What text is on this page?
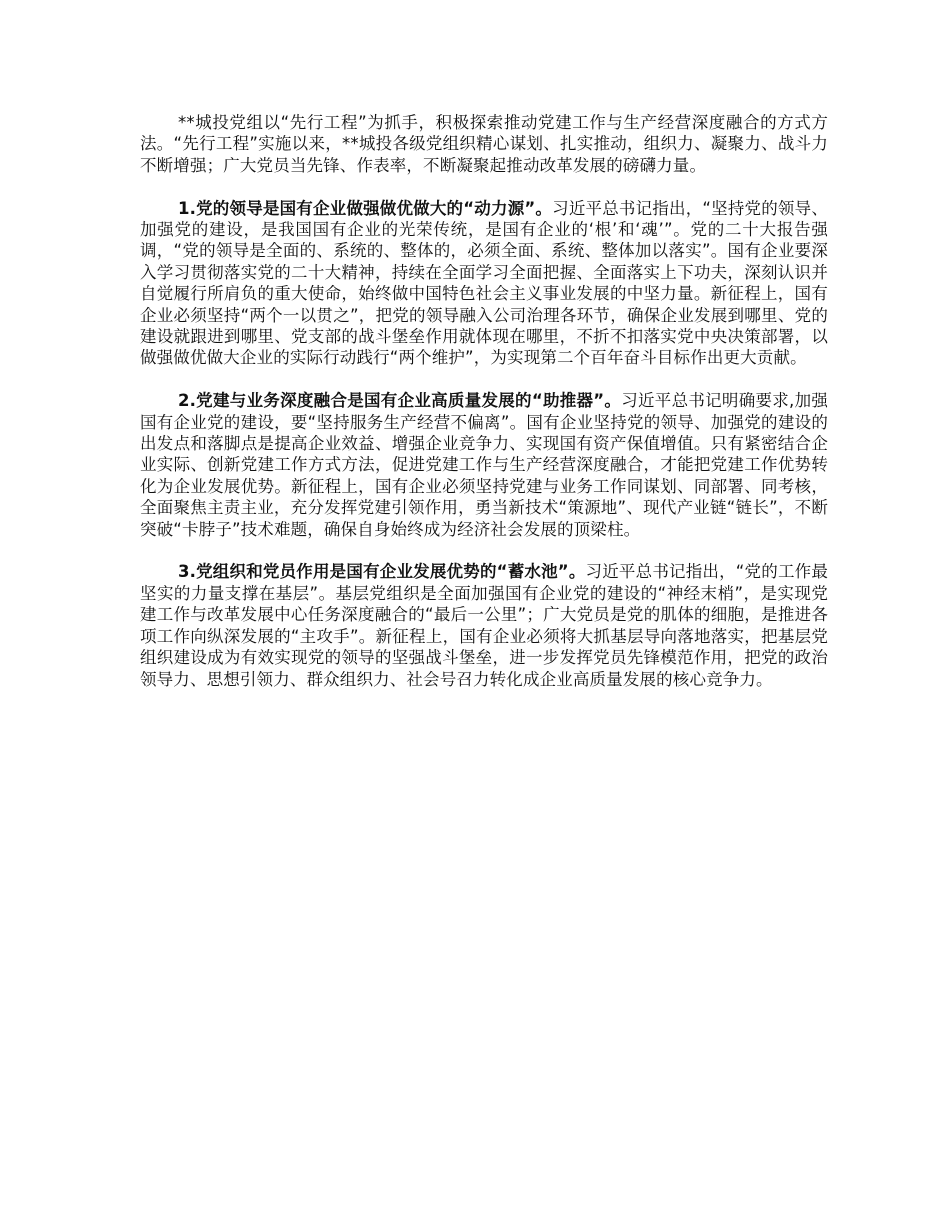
**城投党组以“先行工程”为抓手，积极探索推动党建工作与生产经营深度融合的方式方法。“先行工程”实施以来，**城投各级党组织精心谋划、扎实推动，组织力、凝聚力、战斗力不断增强；广大党员当先锋、作表率，不断凝聚起推动改革发展的磅礴力量。

1.党的领导是国有企业做强做优做大的“动力源”。习近平总书记指出，“坚持党的领导、加强党的建设，是我国国有企业的光荣传统，是国有企业的‘根’和‘魂’”。党的二十大报告强调，“党的领导是全面的、系统的、整体的，必须全面、系统、整体加以落实”。国有企业要深入学习贯彻落实党的二十大精神，持续在全面学习全面把握、全面落实上下功夫，深刻认识并自觉履行所肩负的重大使命，始终做中国特色社会主义事业发展的中坚力量。新征程上，国有企业必须坚持“两个一以贯之”，把党的领导融入公司治理各环节，确保企业发展到哪里、党的建设就跟进到哪里、党支部的战斗堡垒作用就体现在哪里，不折不扣落实党中央决策部署，以做强做优做大企业的实际行动践行“两个维护”，为实现第二个百年奋斗目标作出更大贡献。

2.党建与业务深度融合是国有企业高质量发展的“助推器”。习近平总书记明确要求,加强国有企业党的建设，要“坚持服务生产经营不偏离”。国有企业坚持党的领导、加强党的建设的出发点和落脚点是提高企业效益、增强企业竞争力、实现国有资产保值增值。只有紧密结合企业实际、创新党建工作方式方法，促进党建工作与生产经营深度融合，才能把党建工作优势转化为企业发展优势。新征程上，国有企业必须坚持党建与业务工作同谋划、同部署、同考核，全面聚焦主责主业，充分发挥党建引领作用，勇当新技术“策源地”、现代产业链“链长”，不断突破“卡脖子”技术难题，确保自身始终成为经济社会发展的顶梁柱。

3.党组织和党员作用是国有企业发展优势的“蓄水池”。习近平总书记指出，“党的工作最坚实的力量支撑在基层”。基层党组织是全面加强国有企业党的建设的“神经末梢”，是实现党建工作与改革发展中心任务深度融合的“最后一公里”；广大党员是党的肌体的细胞，是推进各项工作向纵深发展的“主攻手”。新征程上，国有企业必须将大抓基层导向落地落实，把基层党组织建设成为有效实现党的领导的坚强战斗堡垒，进一步发挥党员先锋模范作用，把党的政治领导力、思想引领力、群众组织力、社会号召力转化成企业高质量发展的核心竞争力。
